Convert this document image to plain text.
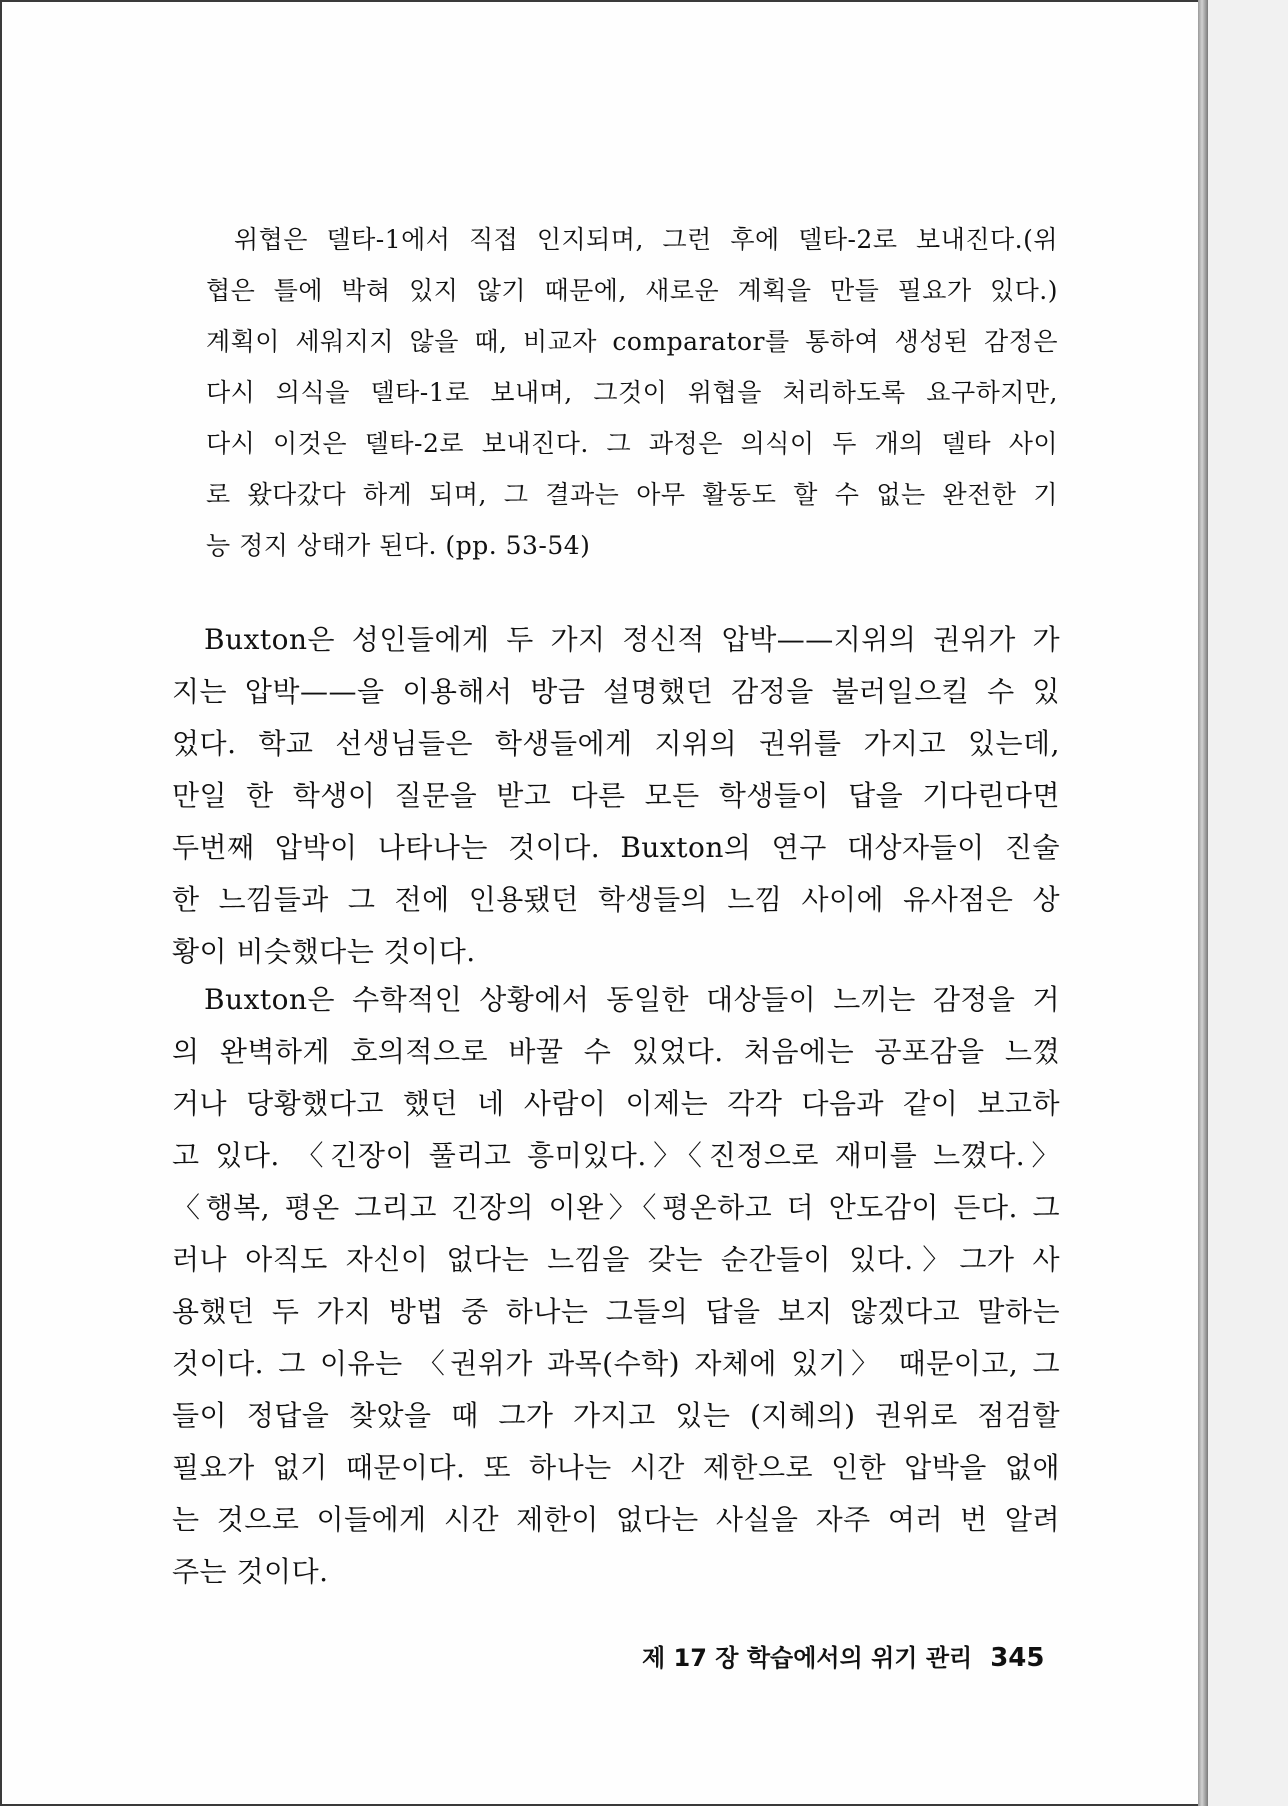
위협은 델타-1에서 직접 인지되며, 그런 후에 델타-2로 보내진다.(위
협은 틀에 박혀 있지 않기 때문에, 새로운 계획을 만들 필요가 있다.)
계획이 세워지지 않을 때, 비교자 comparator를 통하여 생성된 감정은
다시 의식을 델타-1로 보내며, 그것이 위협을 처리하도록 요구하지만,
다시 이것은 델타-2로 보내진다. 그 과정은 의식이 두 개의 델타 사이
로 왔다갔다 하게 되며, 그 결과는 아무 활동도 할 수 없는 완전한 기
능 정지 상태가 된다. (pp. 53-54)
Buxton은 성인들에게 두 가지 정신적 압박——지위의 권위가 가
지는 압박——을 이용해서 방금 설명했던 감정을 불러일으킬 수 있
었다. 학교 선생님들은 학생들에게 지위의 권위를 가지고 있는데,
만일 한 학생이 질문을 받고 다른 모든 학생들이 답을 기다린다면
두번째 압박이 나타나는 것이다. Buxton의 연구 대상자들이 진술
한 느낌들과 그 전에 인용됐던 학생들의 느낌 사이에 유사점은 상
황이 비슷했다는 것이다.
Buxton은 수학적인 상황에서 동일한 대상들이 느끼는 감정을 거
의 완벽하게 호의적으로 바꿀 수 있었다. 처음에는 공포감을 느꼈
거나 당황했다고 했던 네 사람이 이제는 각각 다음과 같이 보고하
고 있다. 〈긴장이 풀리고 흥미있다.〉〈진정으로 재미를 느꼈다.〉
〈행복, 평온 그리고 긴장의 이완〉〈평온하고 더 안도감이 든다. 그
러나 아직도 자신이 없다는 느낌을 갖는 순간들이 있다.〉그가 사
용했던 두 가지 방법 중 하나는 그들의 답을 보지 않겠다고 말하는
것이다. 그 이유는 〈권위가 과목(수학) 자체에 있기〉 때문이고, 그
들이 정답을 찾았을 때 그가 가지고 있는 (지혜의) 권위로 점검할
필요가 없기 때문이다. 또 하나는 시간 제한으로 인한 압박을 없애
는 것으로 이들에게 시간 제한이 없다는 사실을 자주 여러 번 알려
주는 것이다.
제 17 장 학습에서의 위기 관리 345
